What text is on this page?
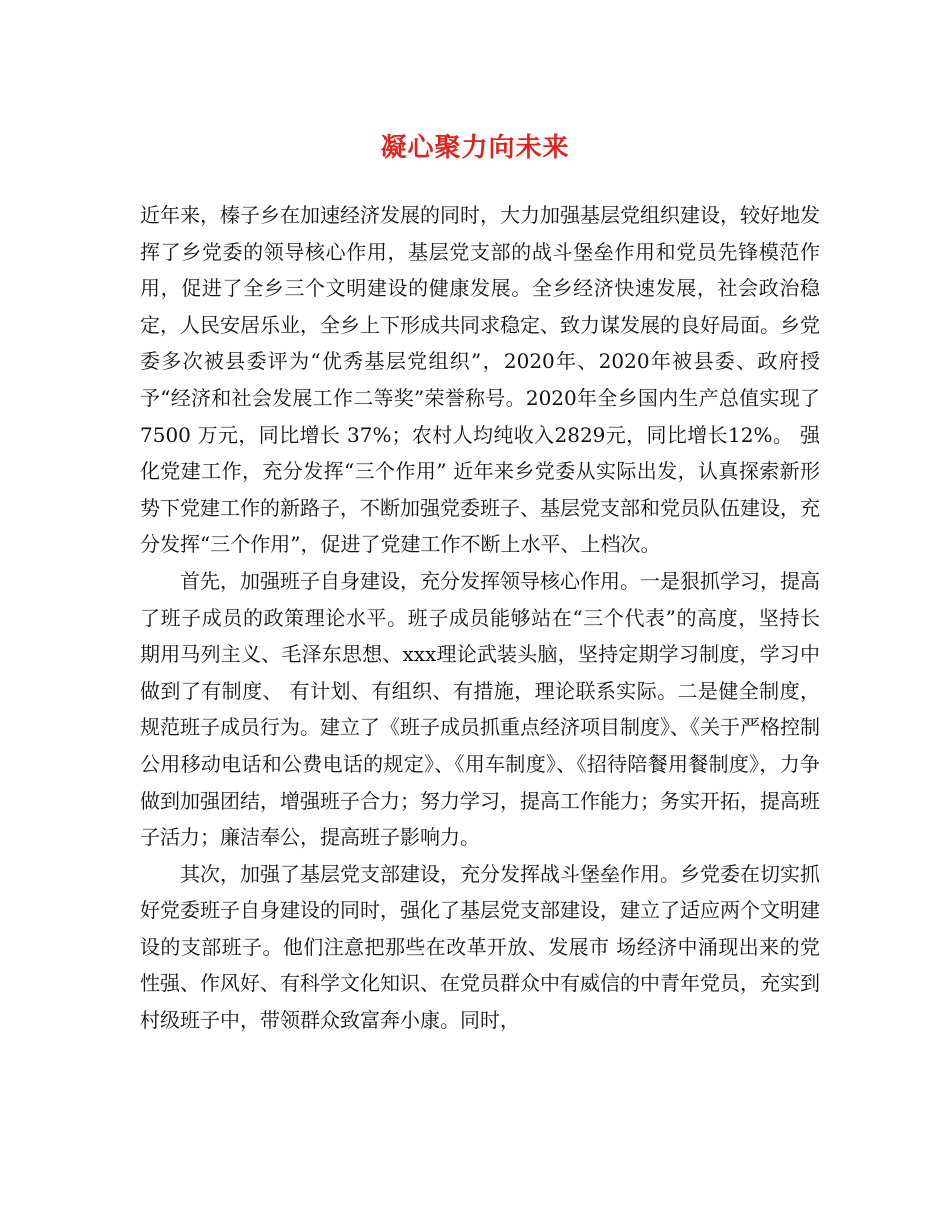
凝心聚力向未来

近年来，榛子乡在加速经济发展的同时，大力加强基层党组织建设，较好地发挥了乡党委的领导核心作用，基层党支部的战斗堡垒作用和党员先锋模范作用，促进了全乡三个文明建设的健康发展。全乡经济快速发展，社会政治稳定，人民安居乐业，全乡上下形成共同求稳定、致力谋发展的良好局面。乡党委多次被县委评为“优秀基层党组织”，2020年、2020年被县委、政府授予“经济和社会发展工作二等奖”荣誉称号。2020年全乡国内生产总值实现了 7500 万元，同比增长 37%；农村人均纯收入2829元，同比增长12%。 强化党建工作，充分发挥“三个作用” 近年来乡党委从实际出发，认真探索新形势下党建工作的新路子，不断加强党委班子、基层党支部和党员队伍建设，充分发挥“三个作用”，促进了党建工作不断上水平、上档次。

首先，加强班子自身建设，充分发挥领导核心作用。一是狠抓学习，提高了班子成员的政策理论水平。班子成员能够站在“三个代表”的高度，坚持长期用马列主义、毛泽东思想、xxx理论武装头脑，坚持定期学习制度，学习中做到了有制度、 有计划、有组织、有措施，理论联系实际。二是健全制度，规范班子成员行为。建立了《班子成员抓重点经济项目制度》、《关于严格控制公用移动电话和公费电话的规定》、《用车制度》、《招待陪餐用餐制度》，力争做到加强团结，增强班子合力；努力学习，提高工作能力；务实开拓，提高班子活力；廉洁奉公，提高班子影响力。

其次，加强了基层党支部建设，充分发挥战斗堡垒作用。乡党委在切实抓好党委班子自身建设的同时，强化了基层党支部建设，建立了适应两个文明建设的支部班子。他们注意把那些在改革开放、发展市 场经济中涌现出来的党性强、作风好、有科学文化知识、在党员群众中有威信的中青年党员，充实到村级班子中，带领群众致富奔小康。同时，
